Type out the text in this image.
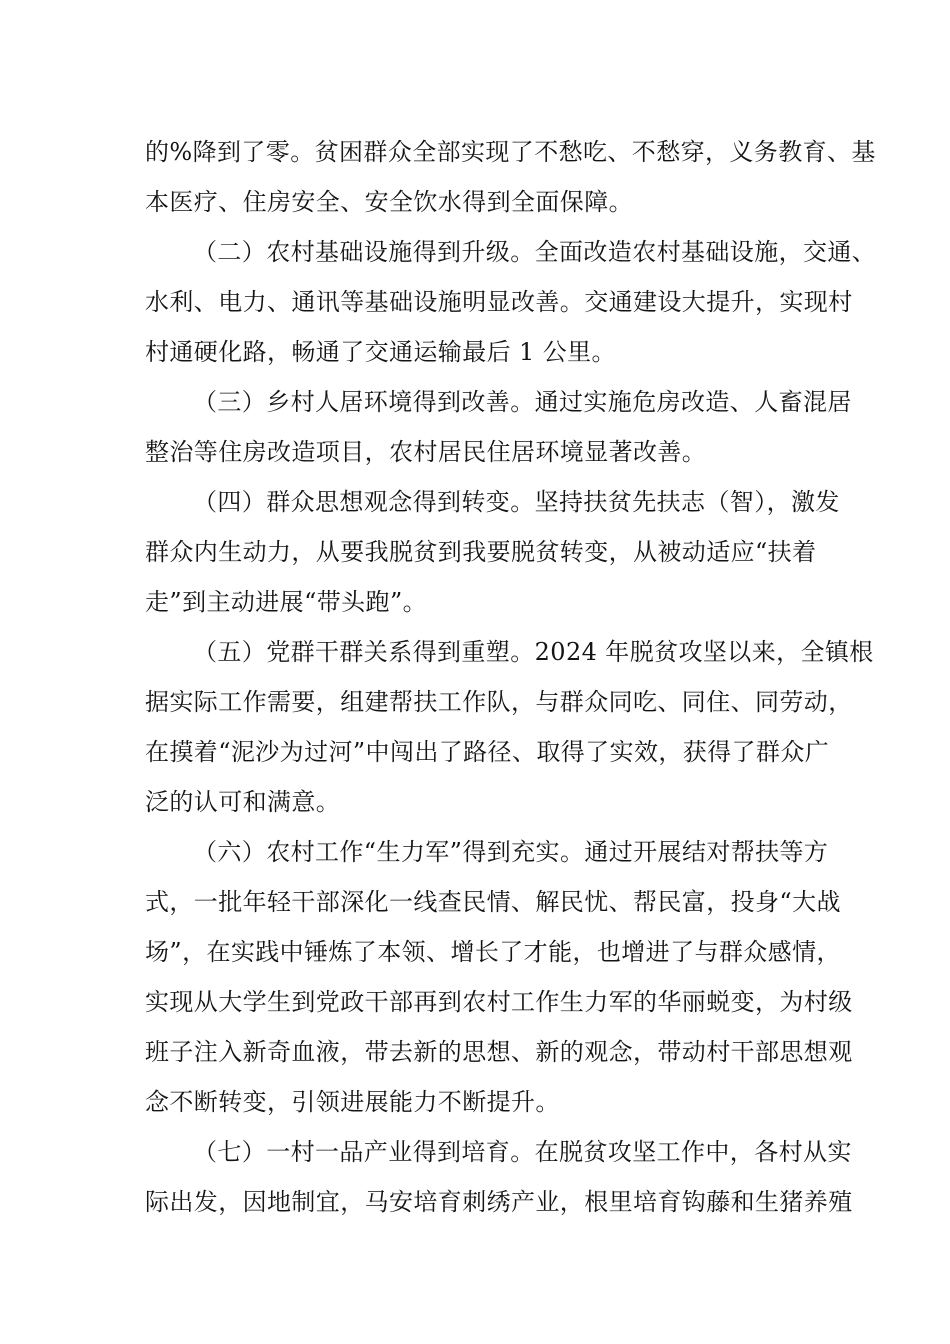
的%降到了零。贫困群众全部实现了不愁吃、不愁穿，义务教育、基
本医疗、住房安全、安全饮水得到全面保障。
（二）农村基础设施得到升级。全面改造农村基础设施，交通、
水利、电力、通讯等基础设施明显改善。交通建设大提升，实现村
村通硬化路，畅通了交通运输最后 1 公里。
（三）乡村人居环境得到改善。通过实施危房改造、人畜混居
整治等住房改造项目，农村居民住居环境显著改善。
（四）群众思想观念得到转变。坚持扶贫先扶志（智），激发
群众内生动力，从要我脱贫到我要脱贫转变，从被动适应“扶着
走”到主动进展“带头跑”。
（五）党群干群关系得到重塑。2024 年脱贫攻坚以来，全镇根
据实际工作需要，组建帮扶工作队，与群众同吃、同住、同劳动，
在摸着“泥沙为过河”中闯出了路径、取得了实效，获得了群众广
泛的认可和满意。
（六）农村工作“生力军”得到充实。通过开展结对帮扶等方
式，一批年轻干部深化一线查民情、解民忧、帮民富，投身“大战
场”，在实践中锤炼了本领、增长了才能，也增进了与群众感情，
实现从大学生到党政干部再到农村工作生力军的华丽蜕变，为村级
班子注入新奇血液，带去新的思想、新的观念，带动村干部思想观
念不断转变，引领进展能力不断提升。
（七）一村一品产业得到培育。在脱贫攻坚工作中，各村从实
际出发，因地制宜，马安培育刺绣产业，根里培育钩藤和生猪养殖
